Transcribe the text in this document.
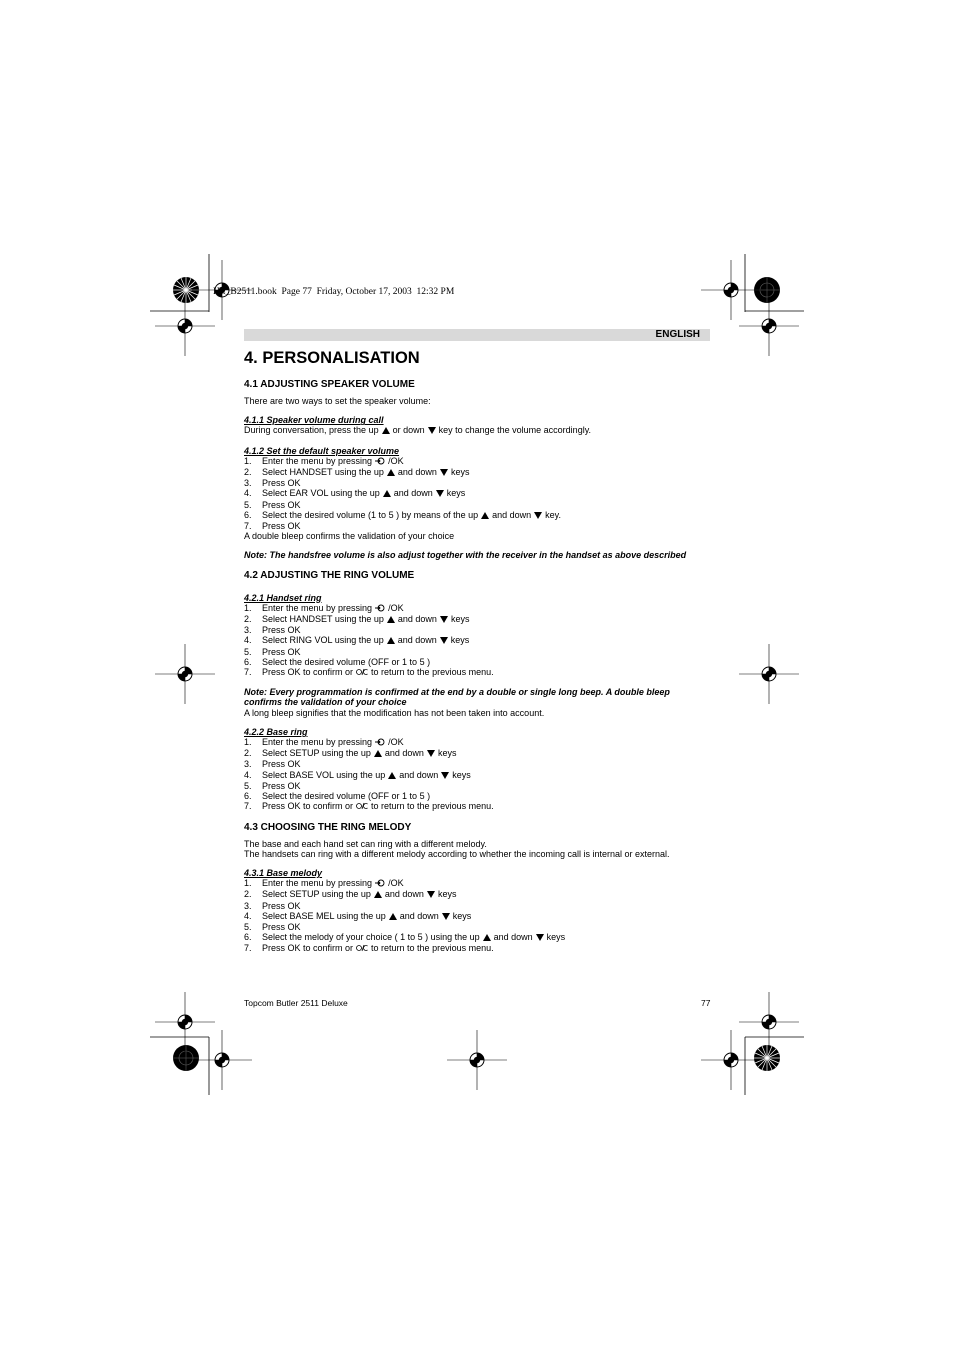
HL_B2511.book  Page 77  Friday, October 17, 2003  12:32 PM
ENGLISH
4. PERSONALISATION
4.1 ADJUSTING SPEAKER VOLUME

There are two ways to set the speaker volume:

4.1.1 Speaker volume during call

During conversation, press the up or down key to change the volume accordingly.

4.1.2 Set the default speaker volume
1. Enter the menu by pressing /OK
2. Select HANDSET using the up and down keys
3. Press OK
4. Select EAR VOL using the up and down keys
5. Press OK
6. Select the desired volume (1 to 5 ) by means of the up and down key.
7. Press OK

A double bleep confirms the validation of your choice

Note: The handsfree volume is also adjust together with the receiver in the handset as above described

4.2 ADJUSTING THE RING VOLUME
4.2.1 Handset ring
1. Enter the menu by pressing /OK
2. Select HANDSET using the up and down keys
3. Press OK
4. Select RING VOL using the up and down keys
5. Press OK
6. Select the desired volume (OFF or 1 to 5 )
7. Press OK to confirm or to return to the previous menu.

Note: Every programmation is confirmed at the end by a double or single long beep. A double bleep

confirms the validation of your choice

A long bleep signifies that the modification has not been taken into account.

4.2.2 Base ring
1. Enter the menu by pressing /OK
2. Select SETUP using the up and down keys
3. Press OK
4. Select BASE VOL using the up and down keys
5. Press OK
6. Select the desired volume (OFF or 1 to 5 )
7. Press OK to confirm or to return to the previous menu.
4.3 CHOOSING THE RING MELODY

The base and each hand set can ring with a different melody.

The handsets can ring with a different melody according to whether the incoming call is internal or external.

4.3.1 Base melody
1. Enter the menu by pressing /OK
2. Select SETUP using the up and down keys
3. Press OK
4. Select BASE MEL using the up and down keys
5. Press OK
6. Select the melody of your choice ( 1 to 5 ) using the up and down keys
7. Press OK to confirm or to return to the previous menu.
Topcom Butler 2511 Deluxe	77
